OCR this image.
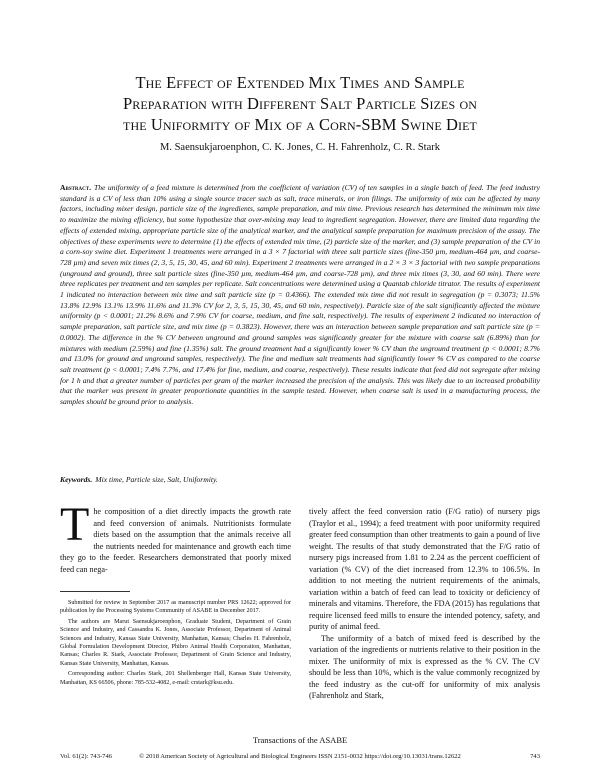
The Effect of Extended Mix Times and Sample
Preparation with Different Salt Particle Sizes on
the Uniformity of Mix of a Corn-SBM Swine Diet
M. Saensukjaroenphon, C. K. Jones, C. H. Fahrenholz, C. R. Stark
Abstract. The uniformity of a feed mixture is determined from the coefficient of variation (CV) of ten samples in a single batch of feed. The feed industry standard is a CV of less than 10% using a single source tracer such as salt, trace minerals, or iron filings. The uniformity of mix can be affected by many factors, including mixer design, particle size of the ingredients, sample preparation, and mix time. Previous research has determined the minimum mix time to maximize the mixing efficiency, but some hypothesize that over-mixing may lead to ingredient segregation. However, there are limited data regarding the effects of extended mixing, appropriate particle size of the analytical marker, and the analytical sample preparation for maximum precision of the assay. The objectives of these experiments were to determine (1) the effects of extended mix time, (2) particle size of the marker, and (3) sample preparation of the CV in a corn-soy swine diet. Experiment 1 treatments were arranged in a 3 × 7 factorial with three salt particle sizes (fine-350 µm, medium-464 µm, and coarse-728 µm) and seven mix times (2, 3, 5, 15, 30, 45, and 60 min). Experiment 2 treatments were arranged in a 2 × 3 × 3 factorial with two sample preparations (unground and ground), three salt particle sizes (fine-350 µm, medium-464 µm, and coarse-728 µm), and three mix times (3, 30, and 60 min). There were three replicates per treatment and ten samples per replicate. Salt concentrations were determined using a Quantab chloride titrator. The results of experiment 1 indicated no interaction between mix time and salt particle size (p = 0.4366). The extended mix time did not result in segregation (p = 0.3073; 11.5% 13.8% 12.9% 13.1% 13.9% 11.6% and 11.3% CV for 2, 3, 5, 15, 30, 45, and 60 min, respectively). Particle size of the salt significantly affected the mixture uniformity (p < 0.0001; 21.2% 8.6% and 7.9% CV for coarse, medium, and fine salt, respectively). The results of experiment 2 indicated no interaction of sample preparation, salt particle size, and mix time (p = 0.3823). However, there was an interaction between sample preparation and salt particle size (p = 0.0002). The difference in the % CV between unground and ground samples was significantly greater for the mixture with coarse salt (6.89%) than for mixtures with medium (2.59%) and fine (1.35%) salt. The ground treatment had a significantly lower % CV than the unground treatment (p < 0.0001; 8.7% and 13.0% for ground and unground samples, respectively). The fine and medium salt treatments had significantly lower % CV as compared to the coarse salt treatment (p < 0.0001; 7.4% 7.7%, and 17.4% for fine, medium, and coarse, respectively). These results indicate that feed did not segregate after mixing for 1 h and that a greater number of particles per gram of the marker increased the precision of the analysis. This was likely due to an increased probability that the marker was present in greater proportionate quantities in the sample tested. However, when coarse salt is used in a manufacturing process, the samples should be ground prior to analysis.
Keywords. Mix time, Particle size, Salt, Uniformity.

The composition of a diet directly impacts the growth rate and feed conversion of animals. Nutritionists formulate diets based on the assumption that the animals receive all the nutrients needed for maintenance and growth each time they go to the feeder. Researchers demonstrated that poorly mixed feed can nega-

Submitted for review in September 2017 as manuscript number PRS 12622; approved for publication by the Processing Systems Community of ASABE in December 2017.

The authors are Marut Saensukjaroenphon, Graduate Student, Department of Grain Science and Industry, and Cassandra K. Jones, Associate Professor, Department of Animal Sciences and Industry, Kansas State University, Manhattan, Kansas; Charles H. Fahrenholz, Global Formulation Development Director, Phibro Animal Health Corporation, Manhattan, Kansas; Charles R. Stark, Associate Professor, Department of Grain Science and Industry, Kansas State University, Manhattan, Kansas.

Corresponding author: Charles Stark, 201 Shellenberger Hall, Kansas State University, Manhattan, KS 66506, phone: 785-532-4082, e-mail: crstark@ksu.edu.

tively affect the feed conversion ratio (F/G ratio) of nursery pigs (Traylor et al., 1994); a feed treatment with poor uniformity required greater feed consumption than other treatments to gain a pound of live weight. The results of that study demonstrated that the F/G ratio of nursery pigs increased from 1.81 to 2.24 as the percent coefficient of variation (% CV) of the diet increased from 12.3% to 106.5%. In addition to not meeting the nutrient requirements of the animals, variation within a batch of feed can lead to toxicity or deficiency of minerals and vitamins. Therefore, the FDA (2015) has regulations that require licensed feed mills to ensure the intended potency, safety, and purity of animal feed.

The uniformity of a batch of mixed feed is described by the variation of the ingredients or nutrients relative to their position in the mixer. The uniformity of mix is expressed as the % CV. The CV should be less than 10%, which is the value commonly recognized by the feed industry as the cut-off for uniformity of mix analysis (Fahrenholz and Stark,

Transactions of the ASABE
Vol. 61(2): 743-746	© 2018 American Society of Agricultural and Biological Engineers ISSN 2151-0032 https://doi.org/10.13031/trans.12622	743
